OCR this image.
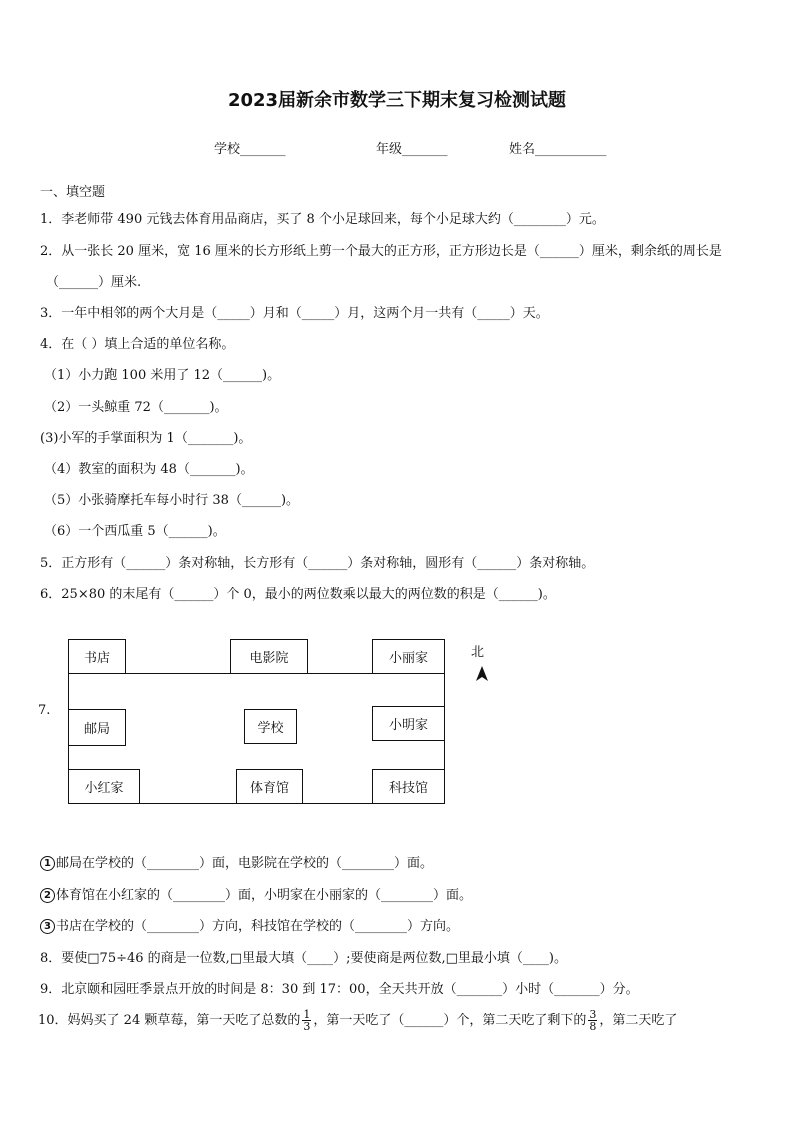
2023届新余市数学三下期末复习检测试题
学校_______	年级_______	姓名___________
一、填空题
1．李老师带 490 元钱去体育用品商店，买了 8 个小足球回来，每个小足球大约（________）元。
2．从一张长 20 厘米，宽 16 厘米的长方形纸上剪一个最大的正方形，正方形边长是（______）厘米，剩余纸的周长是
（______）厘米.
3．一年中相邻的两个大月是（_____）月和（_____）月，这两个月一共有（_____）天。
4．在（ ）填上合适的单位名称。
（1）小力跑 100 米用了 12（______)。
（2）一头鲸重 72（_______)。
(3)小军的手掌面积为 1（_______)。
（4）教室的面积为 48（_______)。
（5）小张骑摩托车每小时行 38（______)。
（6）一个西瓜重 5（______)。
5．正方形有（______）条对称轴，长方形有（______）条对称轴，圆形有（______）条对称轴。
6．25×80 的末尾有（______）个 0，最小的两位数乘以最大的两位数的积是（______)。
7.
书店	电影院	小丽家
邮局	学校	小明家
小红家	体育馆	科技馆
北
1 邮局在学校的（________）面，电影院在学校的（________）面。
2 体育馆在小红家的（________）面，小明家在小丽家的（________）面。
3 书店在学校的（________）方向，科技馆在学校的（________）方向。
8．要使□75÷46 的商是一位数,□里最大填（____）;要使商是两位数,□里最小填（____)。
9．北京颐和园旺季景点开放的时间是 8：30 到 17：00，全天共开放（_______）小时（_______）分。
10．妈妈买了 24 颗草莓，第一天吃了总数的 $\frac{1}{3}$ ，第一天吃了（______）个，第二天吃了剩下的 $\frac{3}{8}$ ，第二天吃了
